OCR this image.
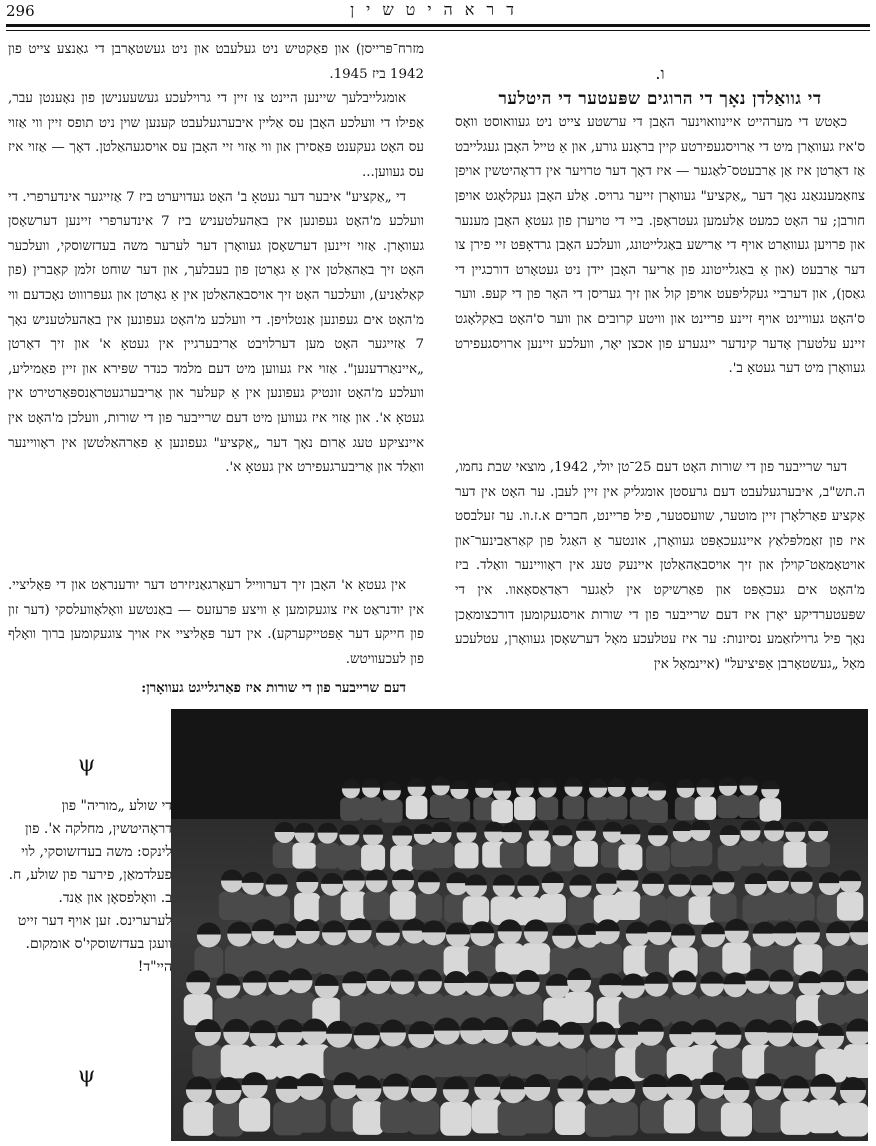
296	דראהיטשין

ו.

די גוואַלדן נאָך די הרוגים שפּעטער די היטלער

כאָטש די מערהייט איינוואוינער האָבן די ערשטע צייט ניט געוואוסט וואָס ס'איז געוואָרן מיט די אַרויסגעפירטע קיין בראָנע גורע, און אַ טייל האָבן געגלייבט אַז דאָרטן איז אַן אַרבעטס־לאַגער — איז דאָך דער טרויער אין דראָהיטשין אויפן צוזאַמענגאַנג נאָך דער „אַקציע" געוואָרן זייער גרויס. אַלע האָבן געקלאָגט אויפן חורבן; ער האָט כמעט אַלעמען געטראָפן. ביי די טויערן פון געטאָ האָבן מענער און פרויען געוואַרט אויף די אַרישע באַגלייטונג, וועלכע האָבן גרדאָפּט זיי פירן צו דער אַרבעט (און אַ באַגלייטונג פון אַריער האָבן יידן ניט געטאָרט דורכגיין די גאַסן), און דערביי געקליפּעט אויפן קול און זיך געריסן די האָר פון די קעפּ. ווער ס'האָט געוויינט אויף זיינע פריינט און וויטע קרובים און ווער ס'האָט באַקלאָגט זיינע עלטערן אָדער קינדער יינגערע פון אכצן יאָר, וועלכע זיינען ארויסגעפירט געוואָרן מיט דער געטאָ ב'.

דער שרייבער פון די שורות האָט דעם 25־טן יולי, 1942, מוצאי שבת נחמו, ה.תש"ב, איבערגעלעבט דעם גרעסטן אומגליק אין זיין לעבן. ער האָט אין דער אַקציע פאַרלאָרן זיין מוטער, שוועסטער, פיל פריינט, חברים א.ז.וו. ער זעלבסט איז פון זאַמלפּלאַץ איינגעכאַפּט געוואָרן, אונטער אַ האַגל פון קאַראַבינער־און אויטאָמאַט־קוילן און זיך אויסבאַהאַלטן איינעק טעג אין ראָוויינער וואַלד. ביז מ'האָט אים געכאַפּט און פאַרשיקט אין לאַגער ראַדאַסאָאוו. אין די שפּעטערדיקע יאָרן איז דעם שרייבער פון די שורות אויסגעקומען דורכצומאַכן נאָך פיל גרוילזאַמע נסיונות: ער איז עטלעכע מאָל דערשאָסן געוואָרן, עטלעכע מאָל „געשטאָרבן אַפּיציעל" (איינמאָל אין

מזרח־פּרייסן) און פאַקטיש ניט געלעבט און ניט געשטאָרבן די גאַנצע צייט פון 1942 ביז 1945.

אומגלייבלעך שיינען היינט צו זיין די גרוילעכע געשעענישן פון נאָענטן עבר, אַפילו די וועלכע האָבן עס אַליין איבערגעלעבט קענען שוין ניט תופס זיין ווי אַזוי עס האָט געקענט פּאַסירן און ווי אַזוי זיי האָבן עס אויסגעהאַלטן. דאָך — אַזוי איז עס געווען...

די „אַקציע" איבער דער געטאָ ב' האָט געדויערט ביז 7 אַזייגער אינדערפרי. די וועלכע מ'האָט געפונען אין באַהעלטעניש ביז 7 אינדערפרי זיינען דערשאָסן געוואָרן. אַזוי זיינען דערשאָסן געוואָרן דער לערער משה בעדזשוסקי, וועלכער האָט זיך באַהאַלטן אין אַ גאָרטן פון בעבלעך, און דער שוחט זלמן קאַברין (פון קאַלאַניע), וועלכער האָט זיך אויסבאַהאַלטן אין אַ גאָרטן און געפּרוווט נאָכדעם ווי מ'האָט אים געפונען אַנטלויפן. די וועלכע מ'האָט געפונען אין באַהעלטעניש נאָך 7 אַזייגער האָט מען דערלויבט אַריבערגיין אין געטאָ א' און זיך דאָרטן „איינאַרדענען". אַזוי איז געווען מיט דעם מלמד כנדר שפּירא און זיין פאַמיליע, וועלכע מ'האָט זונטיק געפונען אין אַ קעלער און אַריבערגעטראַנספּאָרטירט אין געטאָ א'. און אַזוי איז געווען מיט דעם שרייבער פון די שורות, וועלכן מ'האָט אין איינציקע טעג אַרום נאָך דער „אַקציע" געפונען אַ פאַרהאַלטשן אין ראָוויינער וואַלד און אַריבערגעפירט אין געטאָ א'.

אין געטאָ א' האָבן זיך דערווייל רעאָרגאַניזירט דער יודענראַט און די פּאָליציי. אין יודנראַט איז צוגעקומען אַ וויצע פּרעזעס — באַנטשע וואָלאָוועלסקי (דער זון פון חייקע דער אַפּטייקערקע). אין דער פּאָליציי איז אויך צוגעקומען ברוך וואָלף פון לעכעוויטש.

דעם שרייבער פון די שורות איז פאַרגלייגט געוואָרן:

ψ
די שולע „מוריה" פון דראָהיטשין, מחלקה א'. פון לינקס: משה בעדזשוסקי, לוי פעלדמאַן, פירער פון שולע, ח. ב. וואָלפסאָן און אַנד. לערערינס. זען אויף דער זייט וועגן בעדזשוסקי'ס אומקום. היי"ד!
ψ
